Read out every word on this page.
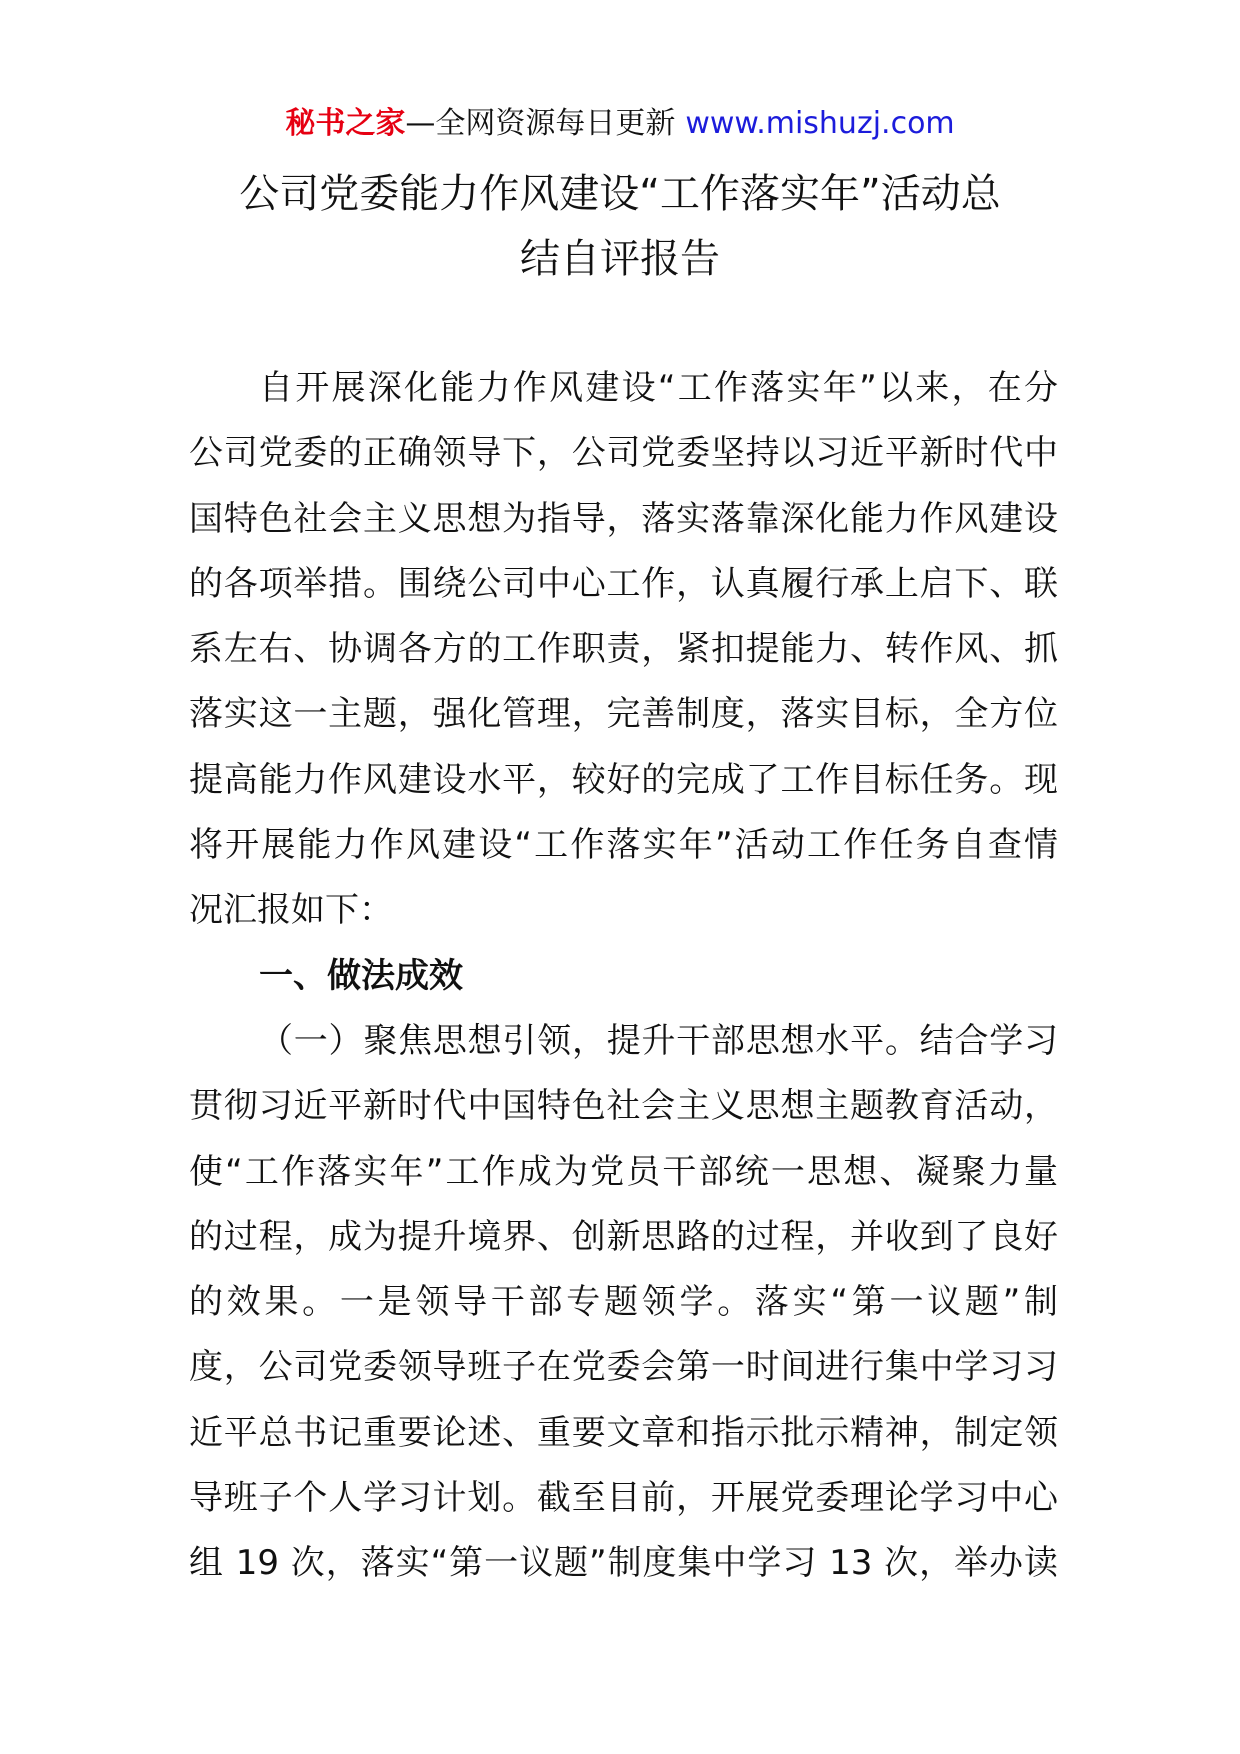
秘书之家—全网资源每日更新 www.mishuzj.com
公司党委能力作风建设“工作落实年”活动总
结自评报告
自开展深化能力作风建设“工作落实年”以来，在分
公司党委的正确领导下，公司党委坚持以习近平新时代中
国特色社会主义思想为指导，落实落靠深化能力作风建设
的各项举措。围绕公司中心工作，认真履行承上启下、联
系左右、协调各方的工作职责，紧扣提能力、转作风、抓
落实这一主题，强化管理，完善制度，落实目标，全方位
提高能力作风建设水平，较好的完成了工作目标任务。现
将开展能力作风建设“工作落实年”活动工作任务自查情
况汇报如下：
一、做法成效
（一）聚焦思想引领，提升干部思想水平。结合学习
贯彻习近平新时代中国特色社会主义思想主题教育活动，
使“工作落实年”工作成为党员干部统一思想、凝聚力量
的过程，成为提升境界、创新思路的过程，并收到了良好
的效果。一是领导干部专题领学。落实“第一议题”制
度，公司党委领导班子在党委会第一时间进行集中学习习
近平总书记重要论述、重要文章和指示批示精神，制定领
导班子个人学习计划。截至目前，开展党委理论学习中心
组 19 次，落实“第一议题”制度集中学习 13 次，举办读
